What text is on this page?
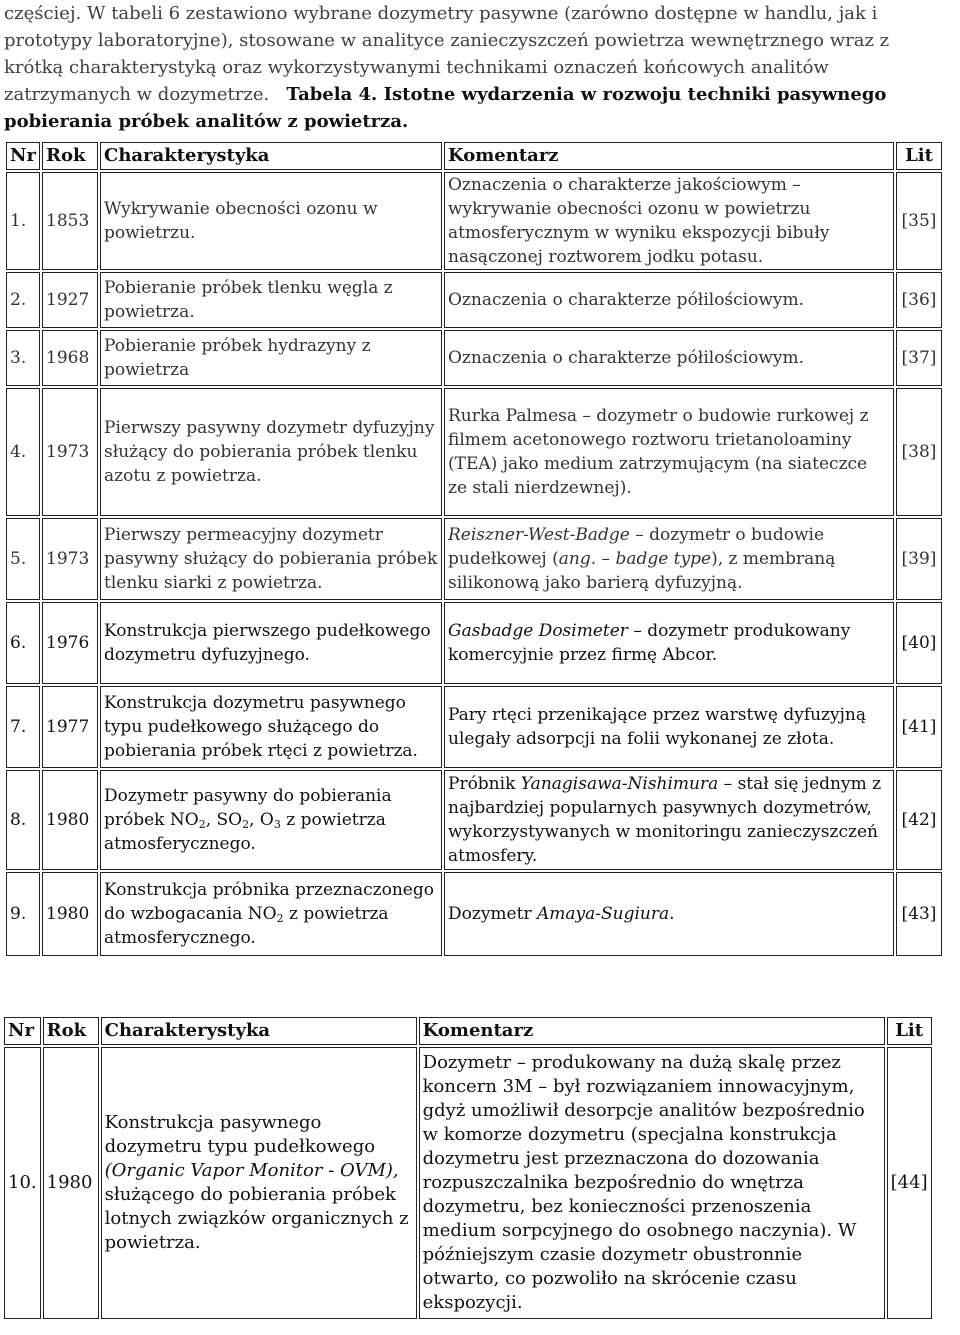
częściej. W tabeli 6 zestawiono wybrane dozymetry pasywne (zarówno dostępne w handlu, jak i prototypy laboratoryjne), stosowane w analityce zanieczyszczeń powietrza wewnętrznego wraz z krótką charakterystyką oraz wykorzystywanymi technikami oznaczeń końcowych analitów zatrzymanych w dozymetrze. Tabela 4. Istotne wydarzenia w rozwoju techniki pasywnego pobierania próbek analitów z powietrza.
Nr	Rok	Charakterystyka	Komentarz	Lit
1.	1853	Wykrywanie obecności ozonu w powietrzu.	Oznaczenia o charakterze jakościowym – wykrywanie obecności ozonu w powietrzu atmosferycznym w wyniku ekspozycji bibuły nasączonej roztworem jodku potasu.	[35]
2.	1927	Pobieranie próbek tlenku węgla z powietrza.	Oznaczenia o charakterze półilościowym.	[36]
3.	1968	Pobieranie próbek hydrazyny z powietrza	Oznaczenia o charakterze półilościowym.	[37]
4.	1973	Pierwszy pasywny dozymetr dyfuzyjny służący do pobierania próbek tlenku azotu z powietrza.	Rurka Palmesa – dozymetr o budowie rurkowej z filmem acetonowego roztworu trietanoloaminy (TEA) jako medium zatrzymującym (na siateczce ze stali nierdzewnej).	[38]
5.	1973	Pierwszy permeacyjny dozymetr pasywny służący do pobierania próbek tlenku siarki z powietrza.	Reiszner-West-Badge – dozymetr o budowie pudełkowej (ang. – badge type), z membraną silikonową jako barierą dyfuzyjną.	[39]
6.	1976	Konstrukcja pierwszego pudełkowego dozymetru dyfuzyjnego.	Gasbadge Dosimeter – dozymetr produkowany komercyjnie przez firmę Abcor.	[40]
7.	1977	Konstrukcja dozymetru pasywnego typu pudełkowego służącego do pobierania próbek rtęci z powietrza.	Pary rtęci przenikające przez warstwę dyfuzyjną ulegały adsorpcji na folii wykonanej ze złota.	[41]
8.	1980	Dozymetr pasywny do pobierania próbek $NO_2$, $SO_2$, $O_3$ z powietrza atmosferycznego.	Próbnik Yanagisawa-Nishimura – stał się jednym z najbardziej popularnych pasywnych dozymetrów, wykorzystywanych w monitoringu zanieczyszczeń atmosfery.	[42]
9.	1980	Konstrukcja próbnika przeznaczonego do wzbogacania $NO_2$ z powietrza atmosferycznego.	Dozymetr Amaya-Sugiura.	[43]
Nr	Rok	Charakterystyka	Komentarz	Lit
10.	1980	Konstrukcja pasywnego dozymetru typu pudełkowego (Organic Vapor Monitor - OVM), służącego do pobierania próbek lotnych związków organicznych z powietrza.	Dozymetr – produkowany na dużą skalę przez koncern 3M – był rozwiązaniem innowacyjnym, gdyż umożliwił desorpcje analitów bezpośrednio w komorze dozymetru (specjalna konstrukcja dozymetru jest przeznaczona do dozowania rozpuszczalnika bezpośrednio do wnętrza dozymetru, bez konieczności przenoszenia medium sorpcyjnego do osobnego naczynia). W późniejszym czasie dozymetr obustronnie otwarto, co pozwoliło na skrócenie czasu ekspozycji.	[44]
